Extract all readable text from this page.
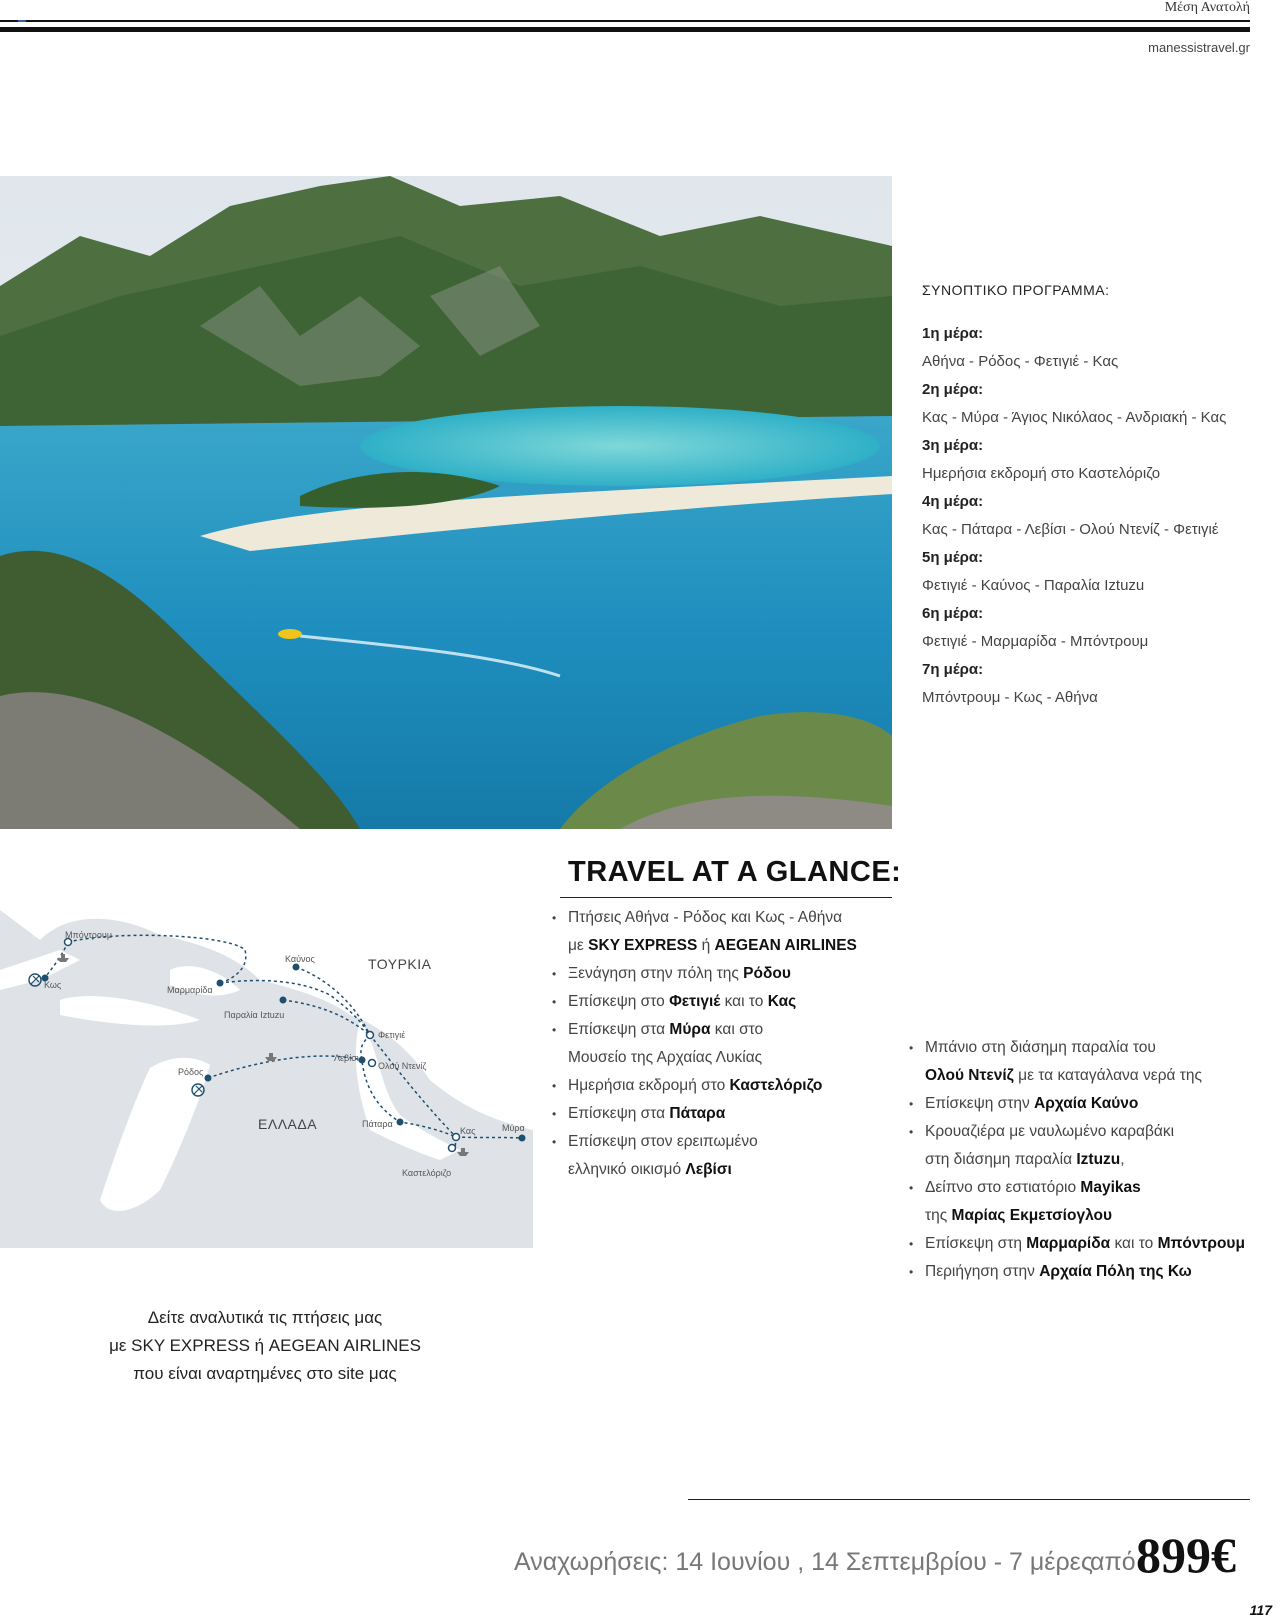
Μέση Ανατολή
manessistravel.gr
ΣΥΝΟΠΤΙΚΟ ΠΡΟΓΡΑΜΜΑ:
1η μέρα:
Αθήνα - Ρόδος - Φετιγιέ - Κας
2η μέρα:
Κας - Μύρα - Άγιος Νικόλαος - Ανδριακή - Κας
3η μέρα:
Ημερήσια εκδρομή στο Καστελόριζο
4η μέρα:
Κας - Πάταρα - Λεβίσι - Ολού Ντενίζ - Φετιγιέ
5η μέρα:
Φετιγιέ - Καύνος - Παραλία Iztuzu
6η μέρα:
Φετιγιέ - Μαρμαρίδα - Μπόντρουμ
7η μέρα:
Μπόντρουμ - Κως - Αθήνα
Μπόντρουμ
Κως
Καύνος
Μαρμαρίδα
Παραλία Iztuzu
Φετιγιέ
Λεβίσι
Ολού Ντενίζ
Ρόδος
Πάταρα
Κας	Μύρα
Καστελόριζο
ΤΟΥΡΚΙΑ
ΕΛΛΑΔΑ
TRAVEL AT A GLANCE:
• Πτήσεις Αθήνα - Ρόδος και Κως - Αθήνα
με SKY EXPRESS ή AEGEAN AIRLINES
• Ξενάγηση στην πόλη της Ρόδου
• Επίσκεψη στο Φετιγιέ και το Κας
• Επίσκεψη στα Μύρα και στο
Μουσείο της Αρχαίας Λυκίας
• Ημερήσια εκδρομή στο Καστελόριζο
• Επίσκεψη στα Πάταρα
• Επίσκεψη στον ερειπωμένο
ελληνικό οικισμό Λεβίσι
• Μπάνιο στη διάσημη παραλία του
Ολού Ντενίζ με τα καταγάλανα νερά της
• Επίσκεψη στην Αρχαία Καύνο
• Κρουαζιέρα με ναυλωμένο καραβάκι
στη διάσημη παραλία Iztuzu,
• Δείπνο στο εστιατόριο Mayikas
της Μαρίας Εκμετσίογλου
• Επίσκεψη στη Μαρμαρίδα και το Μπόντρουμ
• Περιήγηση στην Αρχαία Πόλη της Κω
Δείτε αναλυτικά τις πτήσεις μας
με SKY EXPRESS ή AEGEAN AIRLINES
που είναι αναρτημένες στο site μας
Αναχωρήσεις: 14 Ιουνίου , 14 Σεπτεμβρίου - 7 μέρες
από 899€
117
